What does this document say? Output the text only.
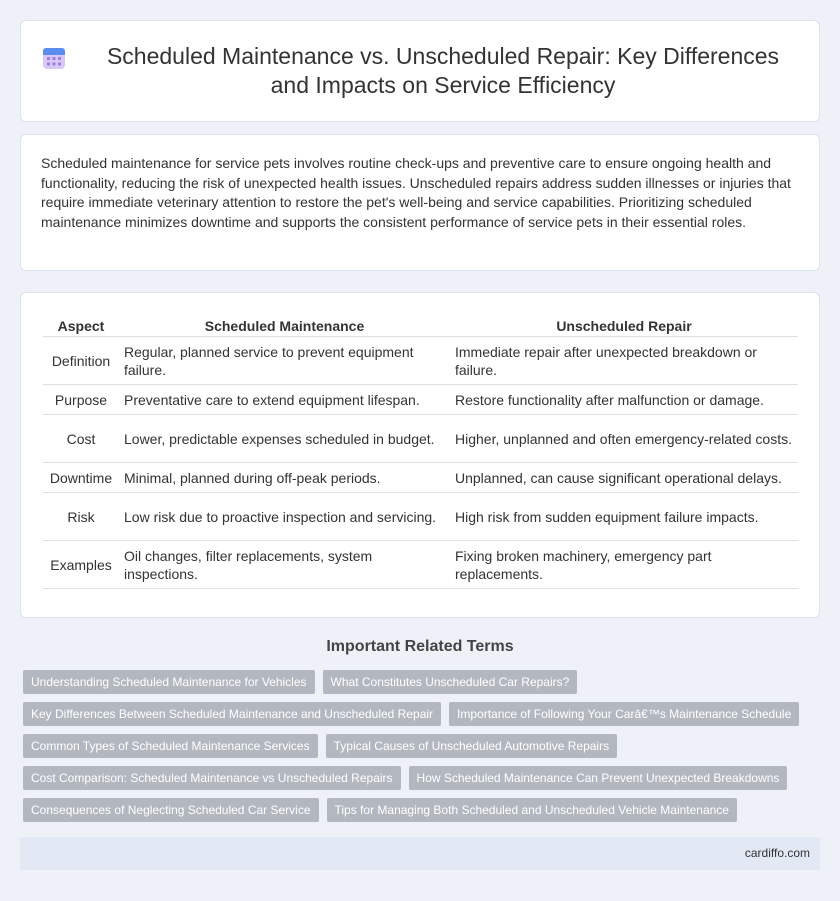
Scheduled Maintenance vs. Unscheduled Repair: Key Differences and Impacts on Service Efficiency

Scheduled maintenance for service pets involves routine check-ups and preventive care to ensure ongoing health and functionality, reducing the risk of unexpected health issues. Unscheduled repairs address sudden illnesses or injuries that require immediate veterinary attention to restore the pet's well-being and service capabilities. Prioritizing scheduled maintenance minimizes downtime and supports the consistent performance of service pets in their essential roles.

Aspect	Scheduled Maintenance	Unscheduled Repair
Definition	Regular, planned service to prevent equipment failure.	Immediate repair after unexpected breakdown or failure.
Purpose	Preventative care to extend equipment lifespan.	Restore functionality after malfunction or damage.
Cost	Lower, predictable expenses scheduled in budget.	Higher, unplanned and often emergency-related costs.
Downtime	Minimal, planned during off-peak periods.	Unplanned, can cause significant operational delays.
Risk	Low risk due to proactive inspection and servicing.	High risk from sudden equipment failure impacts.
Examples	Oil changes, filter replacements, system inspections.	Fixing broken machinery, emergency part replacements.
Important Related Terms
Understanding Scheduled Maintenance for Vehicles	What Constitutes Unscheduled Car Repairs?
Key Differences Between Scheduled Maintenance and Unscheduled Repair	Importance of Following Your Carâ€™s Maintenance Schedule
Common Types of Scheduled Maintenance Services	Typical Causes of Unscheduled Automotive Repairs
Cost Comparison: Scheduled Maintenance vs Unscheduled Repairs	How Scheduled Maintenance Can Prevent Unexpected Breakdowns
Consequences of Neglecting Scheduled Car Service	Tips for Managing Both Scheduled and Unscheduled Vehicle Maintenance
cardiffo.com
